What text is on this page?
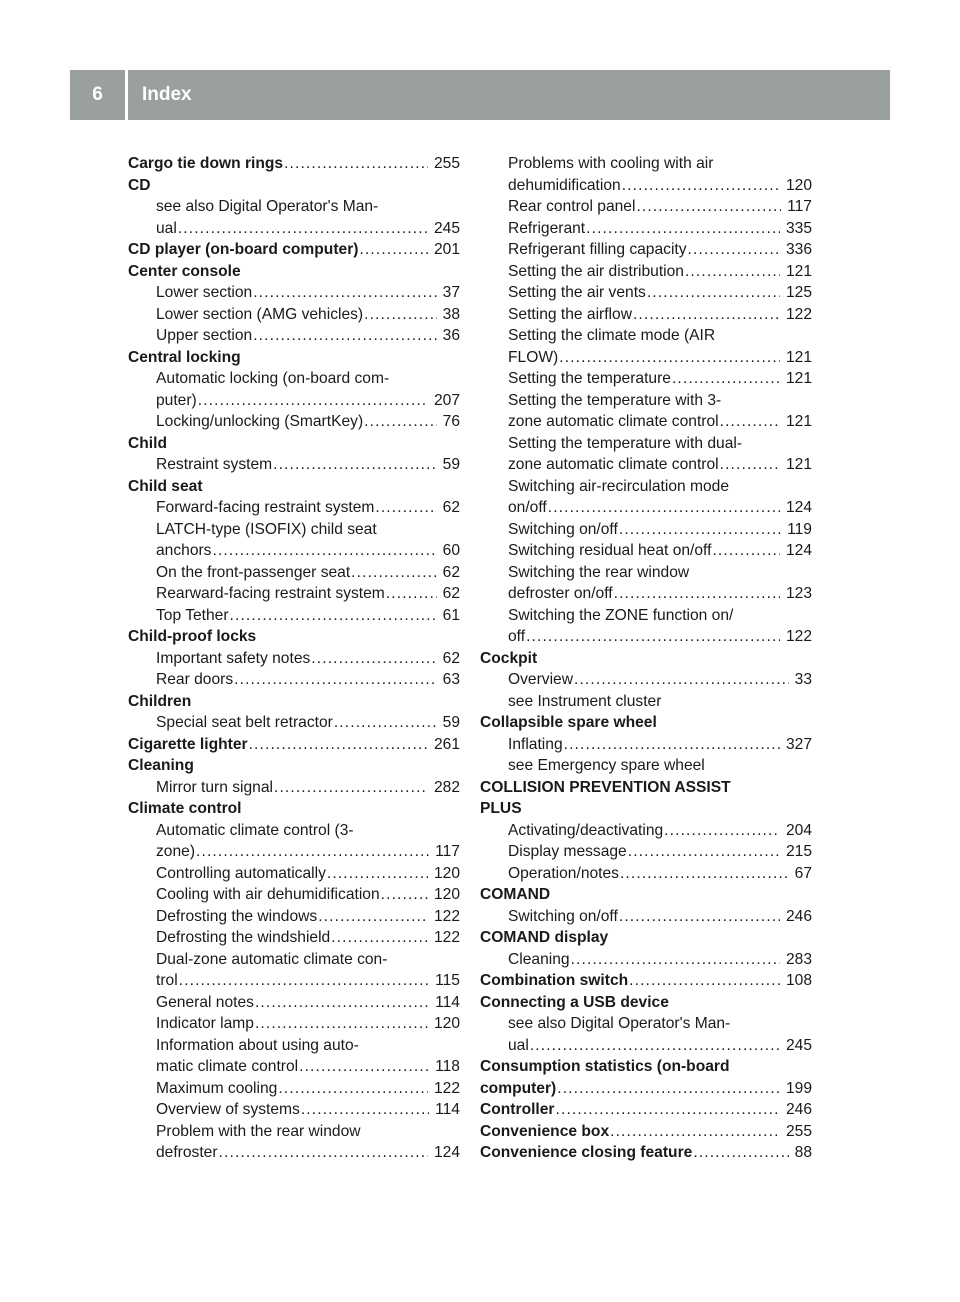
6	Index
Cargo tie down rings . . .	255
CD
see also Digital Operator's Man-
ual . . .	245
CD player (on-board computer) . . .	201
Center console
Lower section . . .	37
Lower section (AMG vehicles) . . .	38
Upper section . . .	36
Central locking
Automatic locking (on-board com-
puter) . . .	207
Locking/unlocking (SmartKey) . . .	76
Child
Restraint system . . .	59
Child seat
Forward-facing restraint system . . .	62
LATCH-type (ISOFIX) child seat
anchors . . .	60
On the front-passenger seat . . .	62
Rearward-facing restraint system . . .	62
Top Tether . . .	61
Child-proof locks
Important safety notes . . .	62
Rear doors . . .	63
Children
Special seat belt retractor . . .	59
Cigarette lighter . . .	261
Cleaning
Mirror turn signal . . .	282
Climate control
Automatic climate control (3-
zone) . . .	117
Controlling automatically . . .	120
Cooling with air dehumidification . . .	120
Defrosting the windows . . .	122
Defrosting the windshield . . .	122
Dual-zone automatic climate con-
trol . . .	115
General notes . . .	114
Indicator lamp . . .	120
Information about using auto-
matic climate control . . .	118
Maximum cooling . . .	122
Overview of systems . . .	114
Problem with the rear window
defroster . . .	124
Problems with cooling with air
dehumidification . . .	120
Rear control panel . . .	117
Refrigerant . . .	335
Refrigerant filling capacity . . .	336
Setting the air distribution . . .	121
Setting the air vents . . .	125
Setting the airflow . . .	122
Setting the climate mode (AIR
FLOW) . . .	121
Setting the temperature . . .	121
Setting the temperature with 3-
zone automatic climate control . . .	121
Setting the temperature with dual-
zone automatic climate control . . .	121
Switching air-recirculation mode
on/off . . .	124
Switching on/off . . .	119
Switching residual heat on/off . . .	124
Switching the rear window
defroster on/off . . .	123
Switching the ZONE function on/
off . . .	122
Cockpit
Overview . . .	33
see Instrument cluster
Collapsible spare wheel
Inflating . . .	327
see Emergency spare wheel
COLLISION PREVENTION ASSIST
PLUS
Activating/deactivating . . .	204
Display message . . .	215
Operation/notes . . .	67
COMAND
Switching on/off . . .	246
COMAND display
Cleaning . . .	283
Combination switch . . .	108
Connecting a USB device
see also Digital Operator's Man-
ual . . .	245
Consumption statistics (on-board
computer) . . .	199
Controller . . .	246
Convenience box . . .	255
Convenience closing feature . . .	88
